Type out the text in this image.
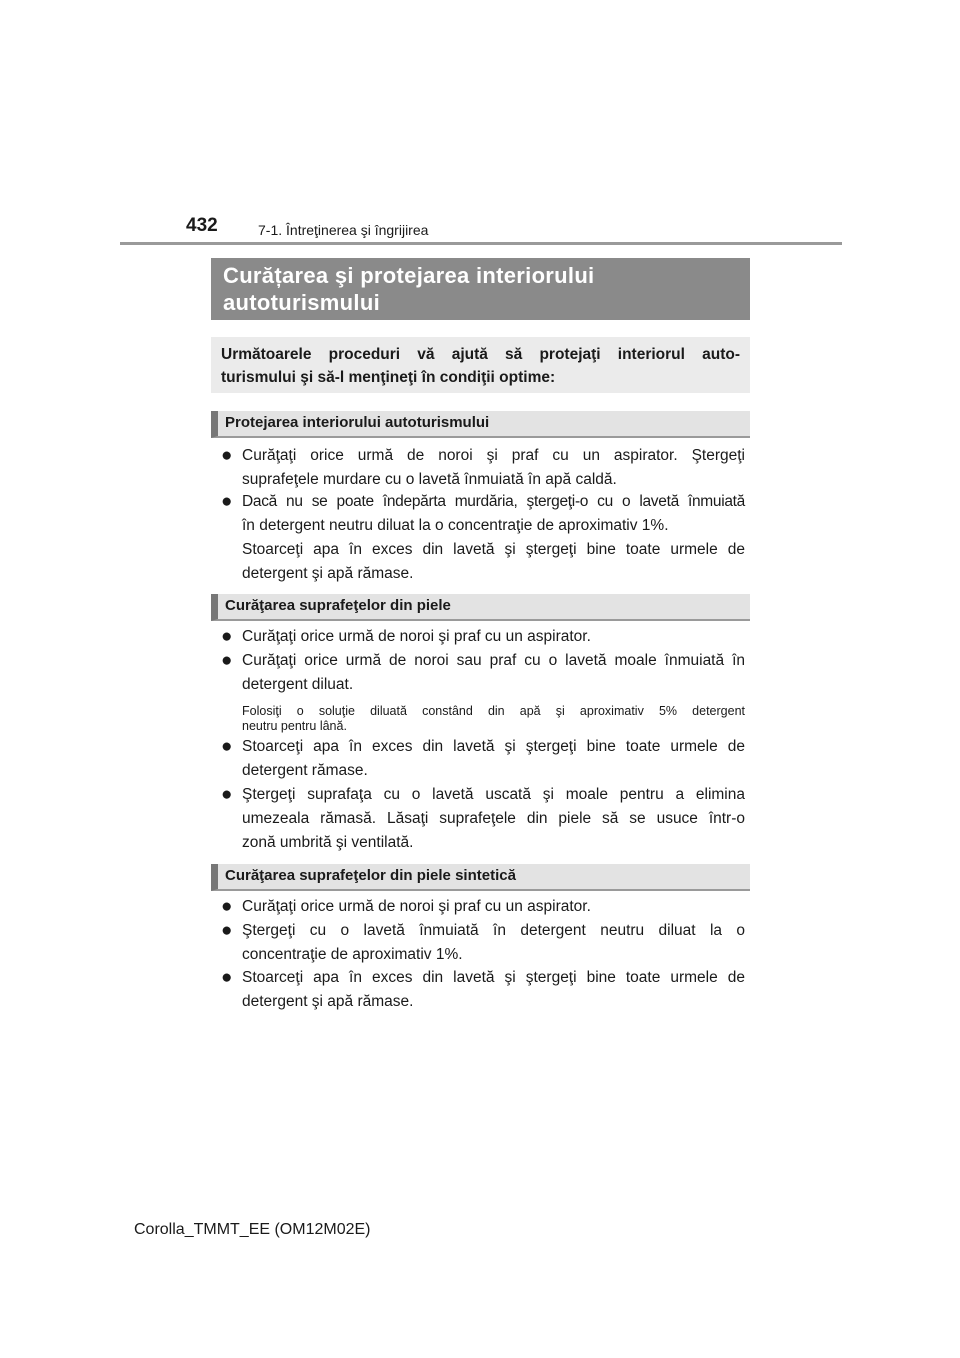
432	7-1. Întreţinerea şi îngrijirea
Curățarea şi protejarea interiorului
autoturismului
Următoarele proceduri vă ajută să protejaţi interiorul auto-
turismului şi să-l menţineţi în condiţii optime:
Protejarea interiorului autoturismului
● Curăţaţi orice urmă de noroi şi praf cu un aspirator. Ştergeţi
suprafeţele murdare cu o lavetă înmuiată în apă caldă.
● Dacă nu se poate îndepărta murdăria, ştergeţi-o cu o lavetă înmuiată
în detergent neutru diluat la o concentraţie de aproximativ 1%.
Stoarceţi apa în exces din lavetă şi ştergeţi bine toate urmele de
detergent şi apă rămase.
Curăţarea suprafeţelor din piele
● Curăţaţi orice urmă de noroi şi praf cu un aspirator.
● Curăţaţi orice urmă de noroi sau praf cu o lavetă moale înmuiată în
detergent diluat.
Folosiţi o soluţie diluată constând din apă şi aproximativ 5% detergent
neutru pentru lână.
● Stoarceţi apa în exces din lavetă şi ştergeţi bine toate urmele de
detergent rămase.
● Ştergeţi suprafaţa cu o lavetă uscată şi moale pentru a elimina
umezeala rămasă. Lăsaţi suprafeţele din piele să se usuce într-o
zonă umbrită şi ventilată.
Curăţarea suprafeţelor din piele sintetică
● Curăţaţi orice urmă de noroi şi praf cu un aspirator.
● Ştergeţi cu o lavetă înmuiată în detergent neutru diluat la o
concentraţie de aproximativ 1%.
● Stoarceţi apa în exces din lavetă şi ştergeţi bine toate urmele de
detergent şi apă rămase.
Corolla_TMMT_EE (OM12M02E)
